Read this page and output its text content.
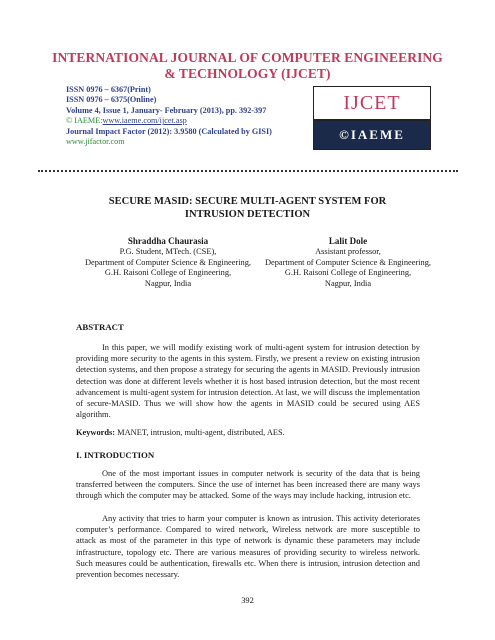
INTERNATIONAL JOURNAL OF COMPUTER ENGINEERING
& TECHNOLOGY (IJCET)
ISSN 0976 – 6367(Print)
ISSN 0976 – 6375(Online)
Volume 4, Issue 1, January- February (2013), pp. 392-397
© IAEME:www.iaeme.com/ijcet.asp
Journal Impact Factor (2012): 3.9580 (Calculated by GISI)
www.jifactor.com
IJCET
©IAEME
SECURE MASID: SECURE MULTI-AGENT SYSTEM FOR
INTRUSION DETECTION
Shraddha Chaurasia
P.G. Student, MTech. (CSE),
Department of Computer Science & Engineering,
G.H. Raisoni College of Engineering,
Nagpur, India
Lalit Dole
Assistant professor,
Department of Computer Science & Engineering,
G.H. Raisoni College of Engineering,
Nagpur, India
ABSTRACT
In this paper, we will modify existing work of multi-agent system for intrusion detection by providing more security to the agents in this system. Firstly, we present a review on existing intrusion detection systems, and then propose a strategy for securing the agents in MASID. Previously intrusion detection was done at different levels whether it is host based intrusion detection, but the most recent advancement is multi-agent system for intrusion detection. At last, we will discuss the implementation of secure-MASID. Thus we will show how the agents in MASID could be secured using AES algorithm.
Keywords: MANET, intrusion, multi-agent, distributed, AES.
I. INTRODUCTION
One of the most important issues in computer network is security of the data that is being transferred between the computers. Since the use of internet has been increased there are many ways through which the computer may be attacked. Some of the ways may include hacking, intrusion etc.
Any activity that tries to harm your computer is known as intrusion. This activity deteriorates computer’s performance. Compared to wired network, Wireless network are more susceptible to attack as most of the parameter in this type of network is dynamic these parameters may include infrastructure, topology etc. There are various measures of providing security to wireless network. Such measures could be authentication, firewalls etc. When there is intrusion, intrusion detection and prevention becomes necessary.
392
